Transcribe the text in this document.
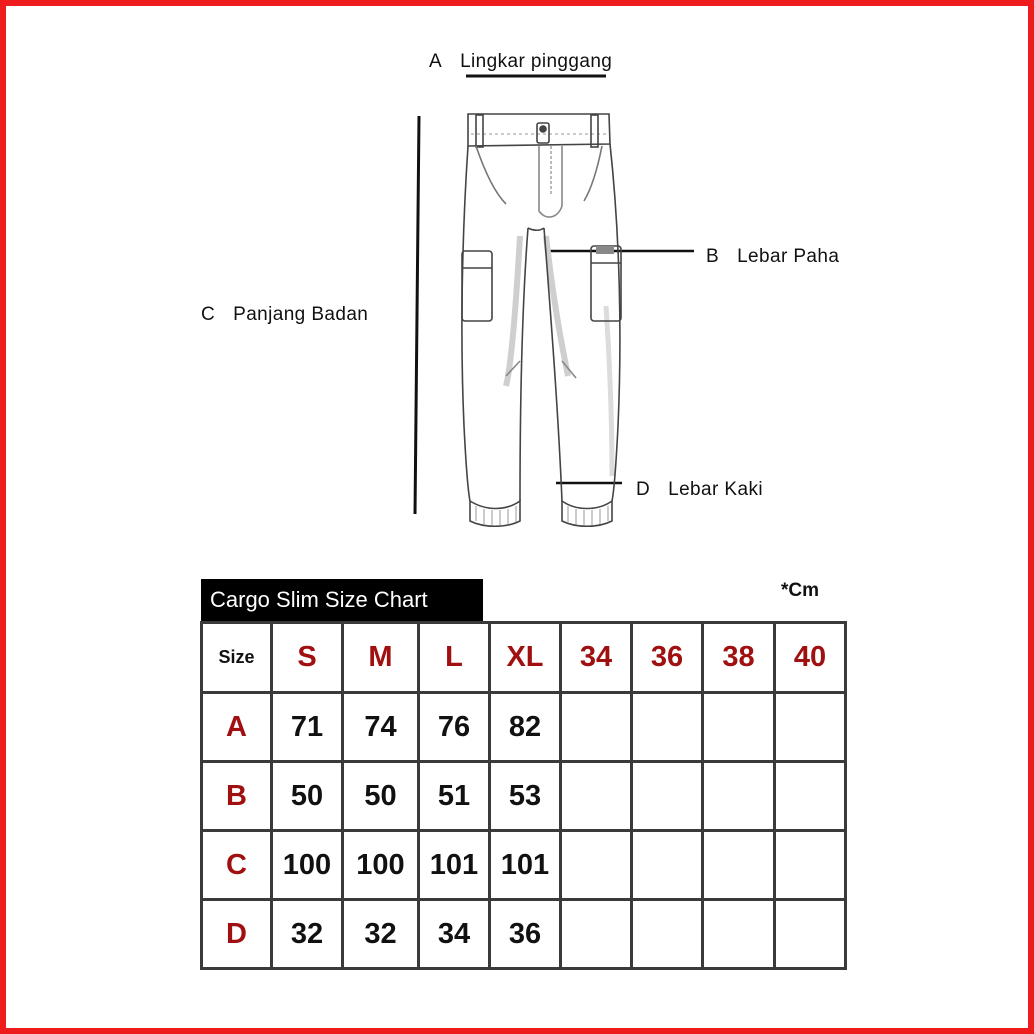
A Lingkar pinggang
B Lebar Paha
C Panjang Badan
D Lebar Kaki
Cargo Slim Size Chart	*Cm
Size	S	M	L	XL	34	36	38	40
A	71	74	76	82				
B	50	50	51	53				
C	100	100	101	101				
D	32	32	34	36				
